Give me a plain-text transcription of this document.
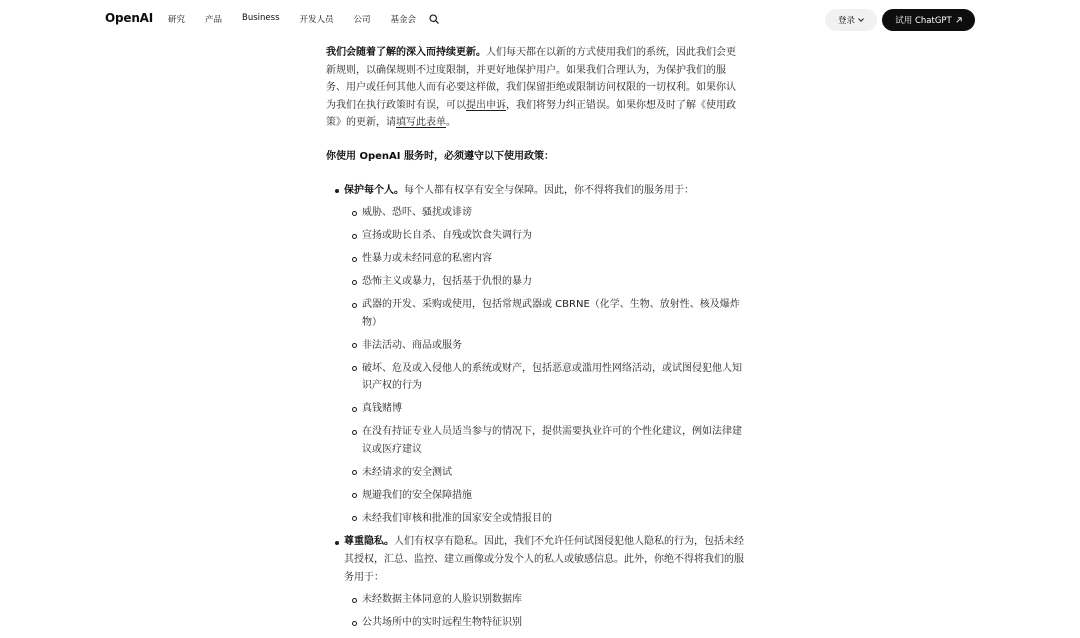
OpenAI 研究 产品 Business 开发人员 公司 基金会	登录	试用 ChatGPT

我们会随着了解的深入而持续更新。人们每天都在以新的方式使用我们的系统，因此我们会更新规则，以确保规则不过度限制，并更好地保护用户。如果我们合理认为，为保护我们的服务、用户或任何其他人而有必要这样做，我们保留拒绝或限制访问权限的一切权利。如果你认为我们在执行政策时有误，可以提出申诉，我们将努力纠正错误。如果你想及时了解《使用政策》的更新，请填写此表单。

你使用 OpenAI 服务时，必须遵守以下使用政策：

保护每个人。每个人都有权享有安全与保障。因此，你不得将我们的服务用于：
威胁、恐吓、骚扰或诽谤
宣扬或助长自杀、自残或饮食失调行为
性暴力或未经同意的私密内容
恐怖主义或暴力，包括基于仇恨的暴力
武器的开发、采购或使用，包括常规武器或 CBRNE（化学、生物、放射性、核及爆炸物）
非法活动、商品或服务
破坏、危及或入侵他人的系统或财产，包括恶意或滥用性网络活动，或试图侵犯他人知识产权的行为
真钱赌博
在没有持证专业人员适当参与的情况下，提供需要执业许可的个性化建议，例如法律建议或医疗建议
未经请求的安全测试
规避我们的安全保障措施
未经我们审核和批准的国家安全或情报目的
尊重隐私。人们有权享有隐私。因此，我们不允许任何试图侵犯他人隐私的行为，包括未经其授权，汇总、监控、建立画像或分发个人的私人或敏感信息。此外，你绝不得将我们的服务用于：
未经数据主体同意的人脸识别数据库
公共场所中的实时远程生物特征识别
